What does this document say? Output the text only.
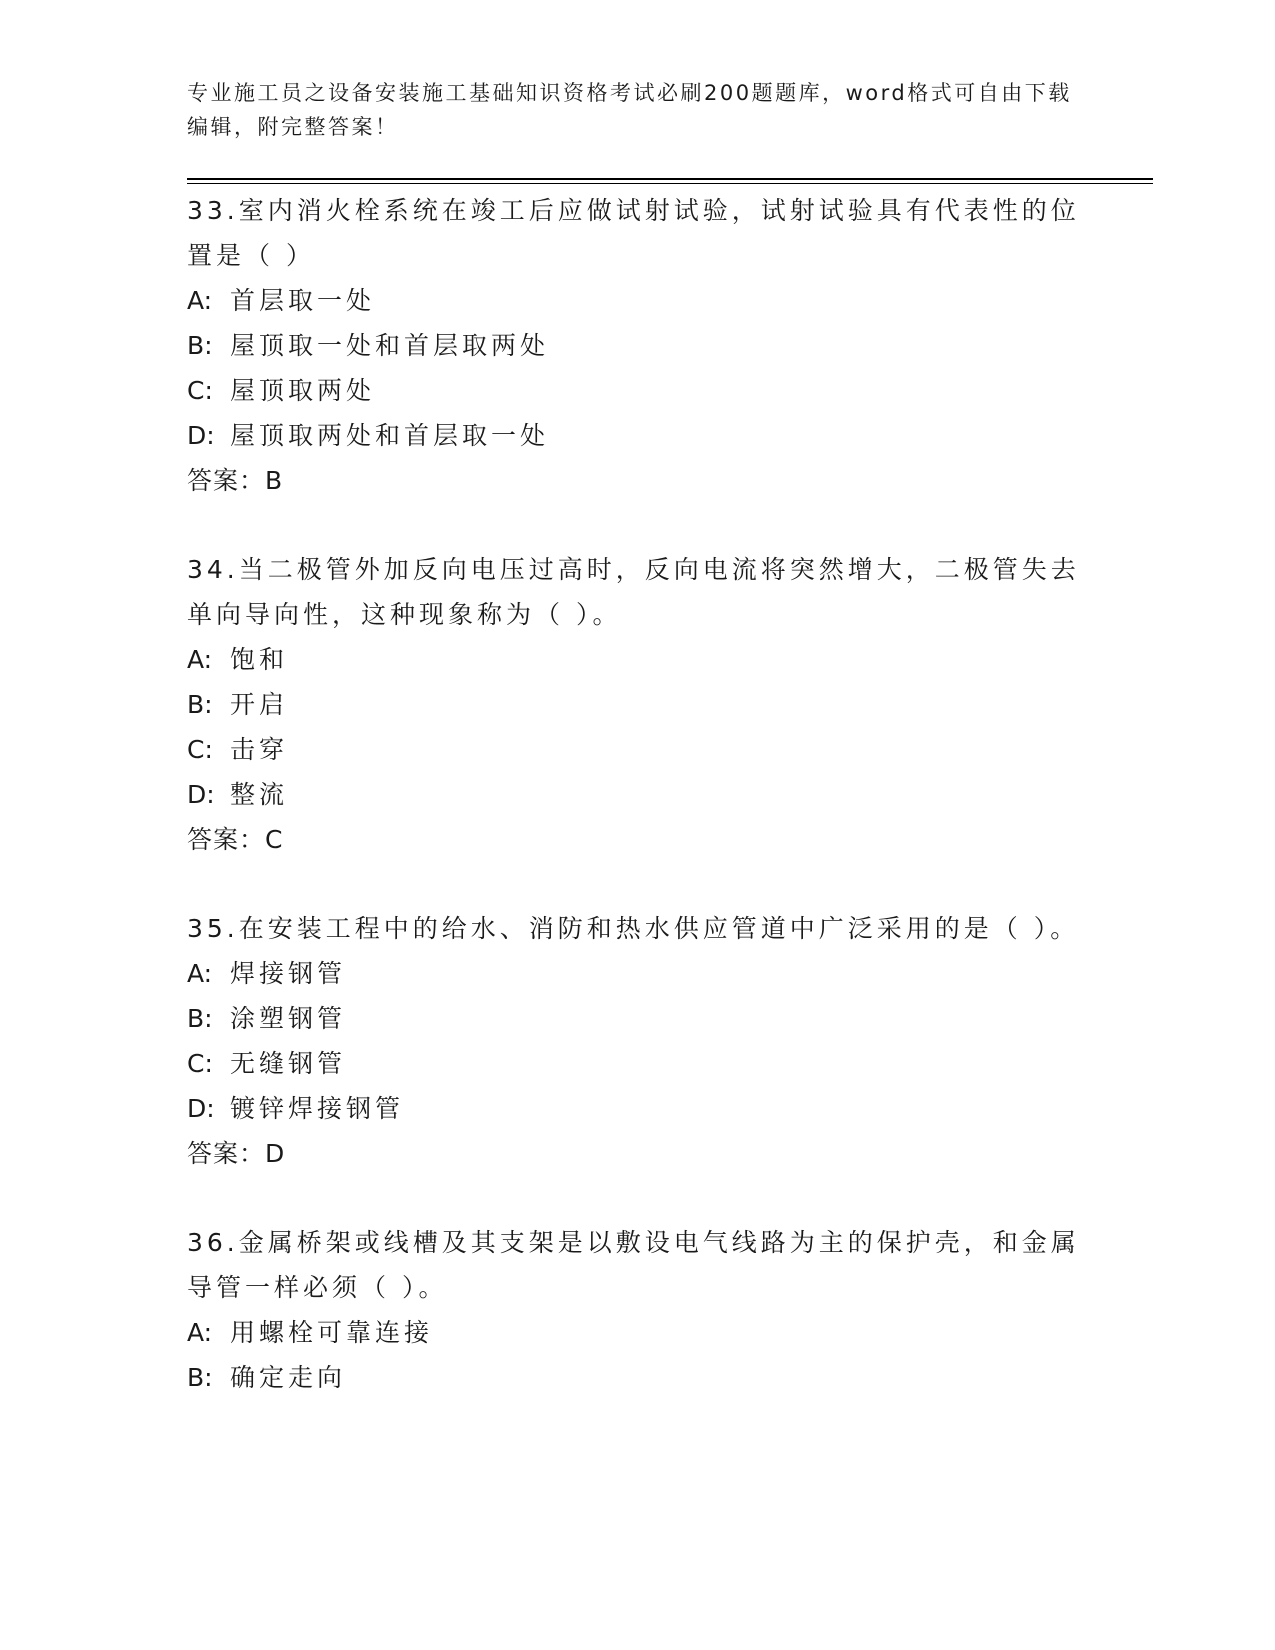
专业施工员之设备安装施工基础知识资格考试必刷200题题库，word格式可自由下载编辑，附完整答案！
33.室内消火栓系统在竣工后应做试射试验，试射试验具有代表性的位置是（ ）
A: 首层取一处
B: 屋顶取一处和首层取两处
C: 屋顶取两处
D: 屋顶取两处和首层取一处
答案：B
34.当二极管外加反向电压过高时，反向电流将突然增大，二极管失去单向导向性，这种现象称为（ ）。
A: 饱和
B: 开启
C: 击穿
D: 整流
答案：C
35.在安装工程中的给水、消防和热水供应管道中广泛采用的是（ ）。
A: 焊接钢管
B: 涂塑钢管
C: 无缝钢管
D: 镀锌焊接钢管
答案：D
36.金属桥架或线槽及其支架是以敷设电气线路为主的保护壳，和金属导管一样必须（ ）。
A: 用螺栓可靠连接
B: 确定走向
